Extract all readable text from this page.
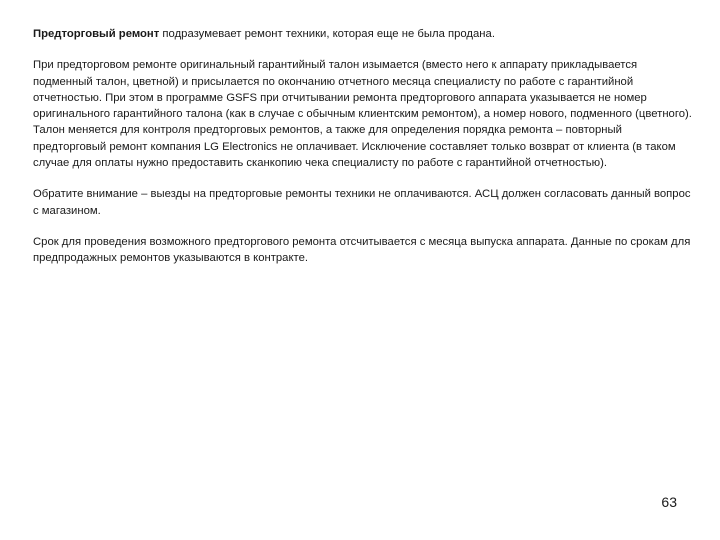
Предторговый ремонт подразумевает ремонт техники, которая еще не была продана.

При предторговом ремонте оригинальный гарантийный талон изымается (вместо него к аппарату прикладывается подменный талон, цветной) и присылается по окончанию отчетного месяца специалисту по работе с гарантийной отчетностью. При этом в программе GSFS при отчитывании ремонта предторгового аппарата указывается не номер оригинального гарантийного талона (как в случае с обычным клиентским ремонтом), а номер нового, подменного (цветного).

Талон меняется для контроля предторговых ремонтов, а также для определения порядка ремонта – повторный предторговый ремонт компания LG Electronics не оплачивает. Исключение составляет только возврат от клиента (в таком случае для оплаты нужно предоставить сканкопию чека специалисту по работе с гарантийной отчетностью).

Обратите внимание – выезды на предторговые ремонты техники не оплачиваются. АСЦ должен согласовать данный вопрос с магазином.

Срок для проведения возможного предторгового ремонта отсчитывается с месяца выпуска аппарата. Данные по срокам для предпродажных ремонтов указываются в контракте.

63
